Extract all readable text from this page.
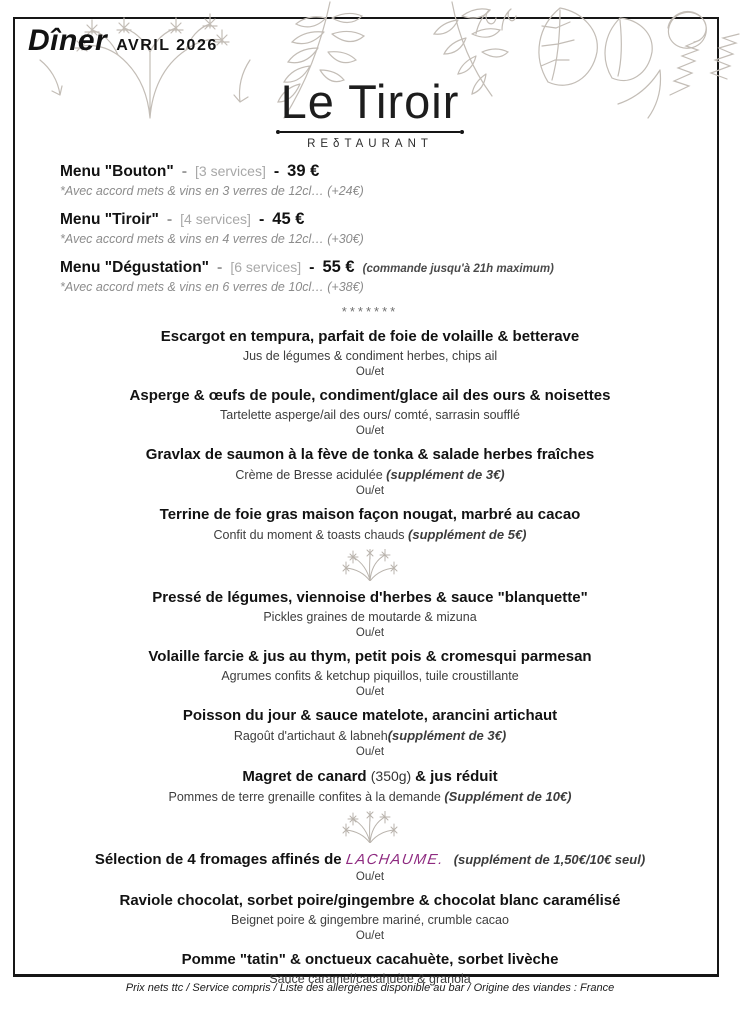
Dîner AVRIL 2026
Le Tiroir
REδTAURANT
Menu "Bouton" - [3 services] - 39 €
*Avec accord mets & vins en 3 verres de 12cl… (+24€)
Menu "Tiroir" - [4 services] - 45 €
*Avec accord mets & vins en 4 verres de 12cl… (+30€)
Menu "Dégustation" - [6 services] - 55 € (commande jusqu'à 21h maximum)
*Avec accord mets & vins en 6 verres de 10cl… (+38€)
*******
Escargot en tempura, parfait de foie de volaille & betterave
Jus de légumes & condiment herbes, chips ail
Ou/et
Asperge & œufs de poule, condiment/glace ail des ours & noisettes
Tartelette asperge/ail des ours/ comté, sarrasin soufflé
Ou/et
Gravlax de saumon à la fève de tonka & salade herbes fraîches
Crème de Bresse acidulée (supplément de 3€)
Ou/et
Terrine de foie gras maison façon nougat, marbré au cacao
Confit du moment & toasts chauds (supplément de 5€)
Pressé de légumes, viennoise d'herbes & sauce "blanquette"
Pickles graines de moutarde & mizuna
Ou/et
Volaille farcie & jus au thym, petit pois & cromesqui parmesan
Agrumes confits & ketchup piquillos, tuile croustillante
Ou/et
Poisson du jour & sauce matelote, arancini artichaut
Ragoût d'artichaut & labneh(supplément de 3€)
Ou/et
Magret de canard (350g) & jus réduit
Pommes de terre grenaille confites à la demande (Supplément de 10€)
Sélection de 4 fromages affinés de LACHAUME. (supplément de 1,50€/10€ seul)
Ou/et
Raviole chocolat, sorbet poire/gingembre & chocolat blanc caramélisé
Beignet poire & gingembre mariné, crumble cacao
Ou/et
Pomme "tatin" & onctueux cacahuète, sorbet livèche
Sauce caramel/cacahuète & granola
Prix nets ttc / Service compris / Liste des allergènes disponible au bar / Origine des viandes : France
